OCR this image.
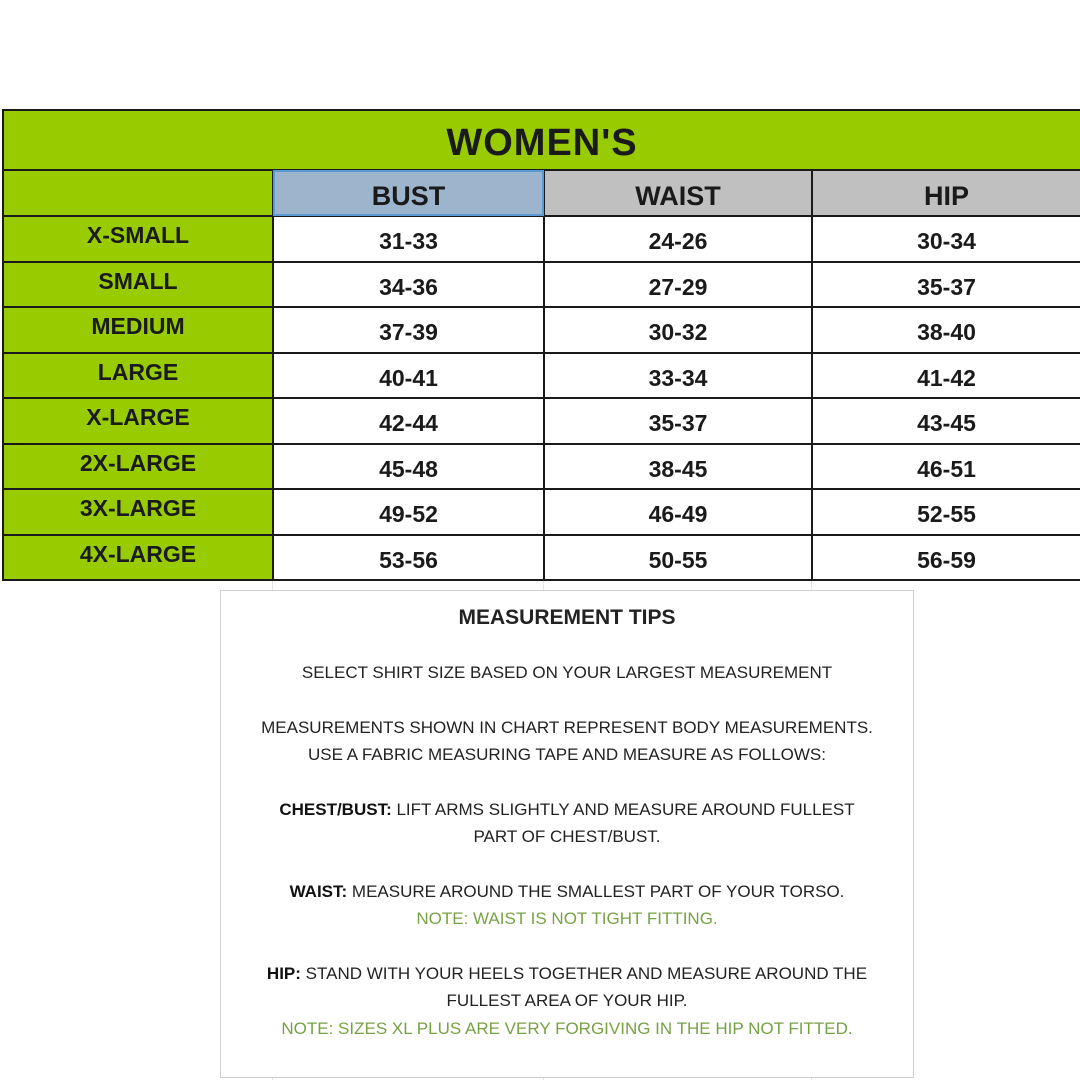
WOMEN'S			
	BUST	WAIST	HIP
X-SMALL	31-33	24-26	30-34
SMALL	34-36	27-29	35-37
MEDIUM	37-39	30-32	38-40
LARGE	40-41	33-34	41-42
X-LARGE	42-44	35-37	43-45
2X-LARGE	45-48	38-45	46-51
3X-LARGE	49-52	46-49	52-55
4X-LARGE	53-56	50-55	56-59
MEASUREMENT TIPS
SELECT SHIRT SIZE BASED ON YOUR LARGEST MEASUREMENT
MEASUREMENTS SHOWN IN CHART REPRESENT BODY MEASUREMENTS.
USE A FABRIC MEASURING TAPE AND MEASURE AS FOLLOWS:
CHEST/BUST: LIFT ARMS SLIGHTLY AND MEASURE AROUND FULLEST
PART OF CHEST/BUST.
WAIST: MEASURE AROUND THE SMALLEST PART OF YOUR TORSO.
NOTE: WAIST IS NOT TIGHT FITTING.
HIP: STAND WITH YOUR HEELS TOGETHER AND MEASURE AROUND THE
FULLEST AREA OF YOUR HIP.
NOTE: SIZES XL PLUS ARE VERY FORGIVING IN THE HIP NOT FITTED.
